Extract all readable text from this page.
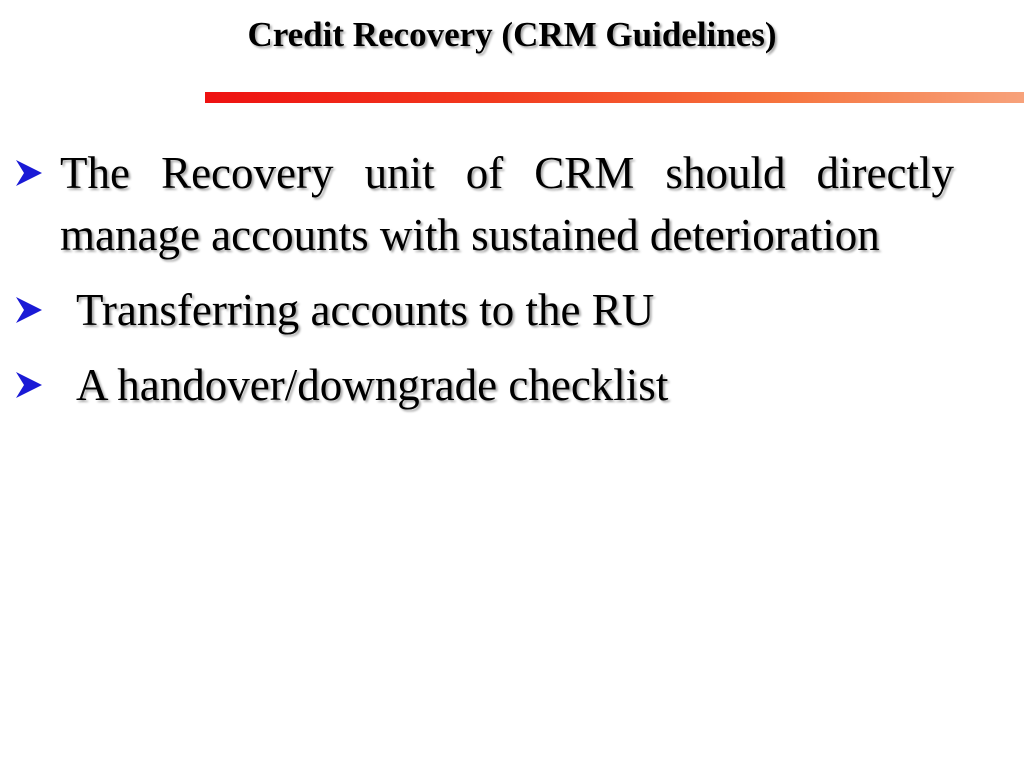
Credit Recovery (CRM Guidelines)
The Recovery unit of CRM should directly manage accounts with sustained deterioration
Transferring accounts to the RU
A handover/downgrade checklist
